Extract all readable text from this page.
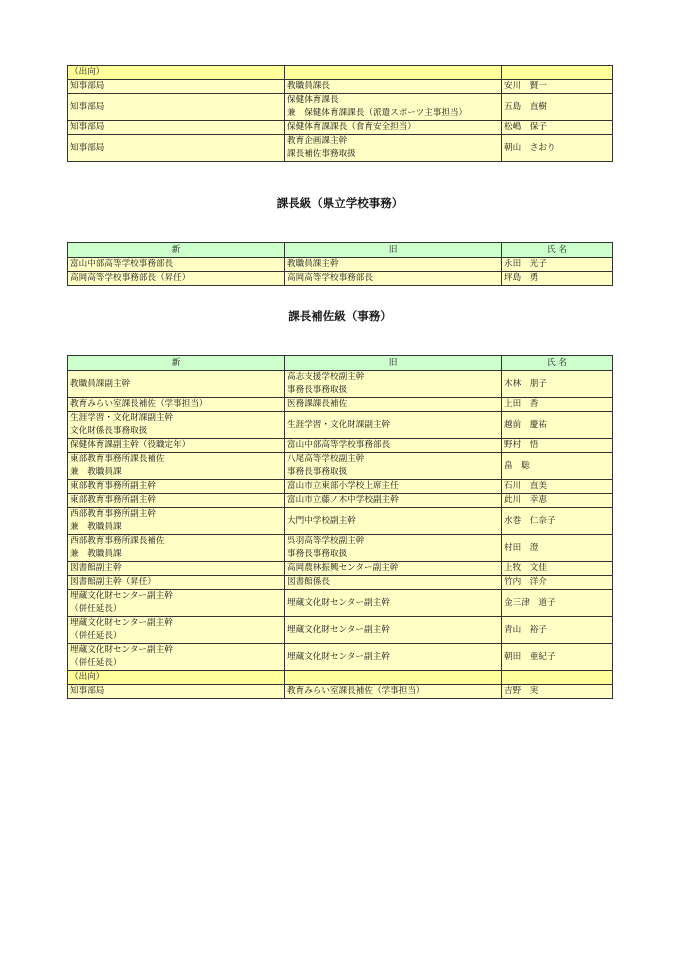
（出向）		

知事部局	教職員課長	安川　賢一

知事部局	保健体育課長
兼　保健体育課課長（派遣スポーツ主事担当）	五島　直樹

知事部局	保健体育課課長（食育安全担当）	松嶋　保子

知事部局	教育企画課主幹
課長補佐事務取扱	朝山　さおり
課長級（県立学校事務）
新	旧	氏 名

富山中部高等学校事務部長	教職員課主幹	永田　光子

高岡高等学校事務部長（昇任）	高岡高等学校事務部長	坪島　勇
課長補佐級（事務）
新	旧	氏 名

教職員課副主幹	高志支援学校副主幹
事務長事務取扱	木林　朋子

教育みらい室課長補佐（学事担当）	医務課課長補佐	上田　香

生涯学習・文化財課副主幹
文化財係長事務取扱	生涯学習・文化財課副主幹	越前　慶祐

保健体育課副主幹（役職定年）	富山中部高等学校事務部長	野村　悟

東部教育事務所課長補佐
兼　教職員課	八尾高等学校副主幹
事務長事務取扱	畠　聡

東部教育事務所副主幹	富山市立東部小学校上席主任	石川　直美

東部教育事務所副主幹	富山市立藤ノ木中学校副主幹	此川　幸恵

西部教育事務所副主幹
兼　教職員課	大門中学校副主幹	水巻　仁奈子

西部教育事務所課長補佐
兼　教職員課	呉羽高等学校副主幹
事務長事務取扱	村田　澄

図書館副主幹	高岡農林振興センター副主幹	上牧　文佳

図書館副主幹（昇任）	図書館係長	竹内　洋介

埋蔵文化財センター副主幹
（併任延長）	埋蔵文化財センター副主幹	金三津　道子

埋蔵文化財センター副主幹
（併任延長）	埋蔵文化財センター副主幹	青山　裕子

埋蔵文化財センター副主幹
（併任延長）	埋蔵文化財センター副主幹	朝田　亜紀子

（出向）		

知事部局	教育みらい室課長補佐（学事担当）	吉野　実
